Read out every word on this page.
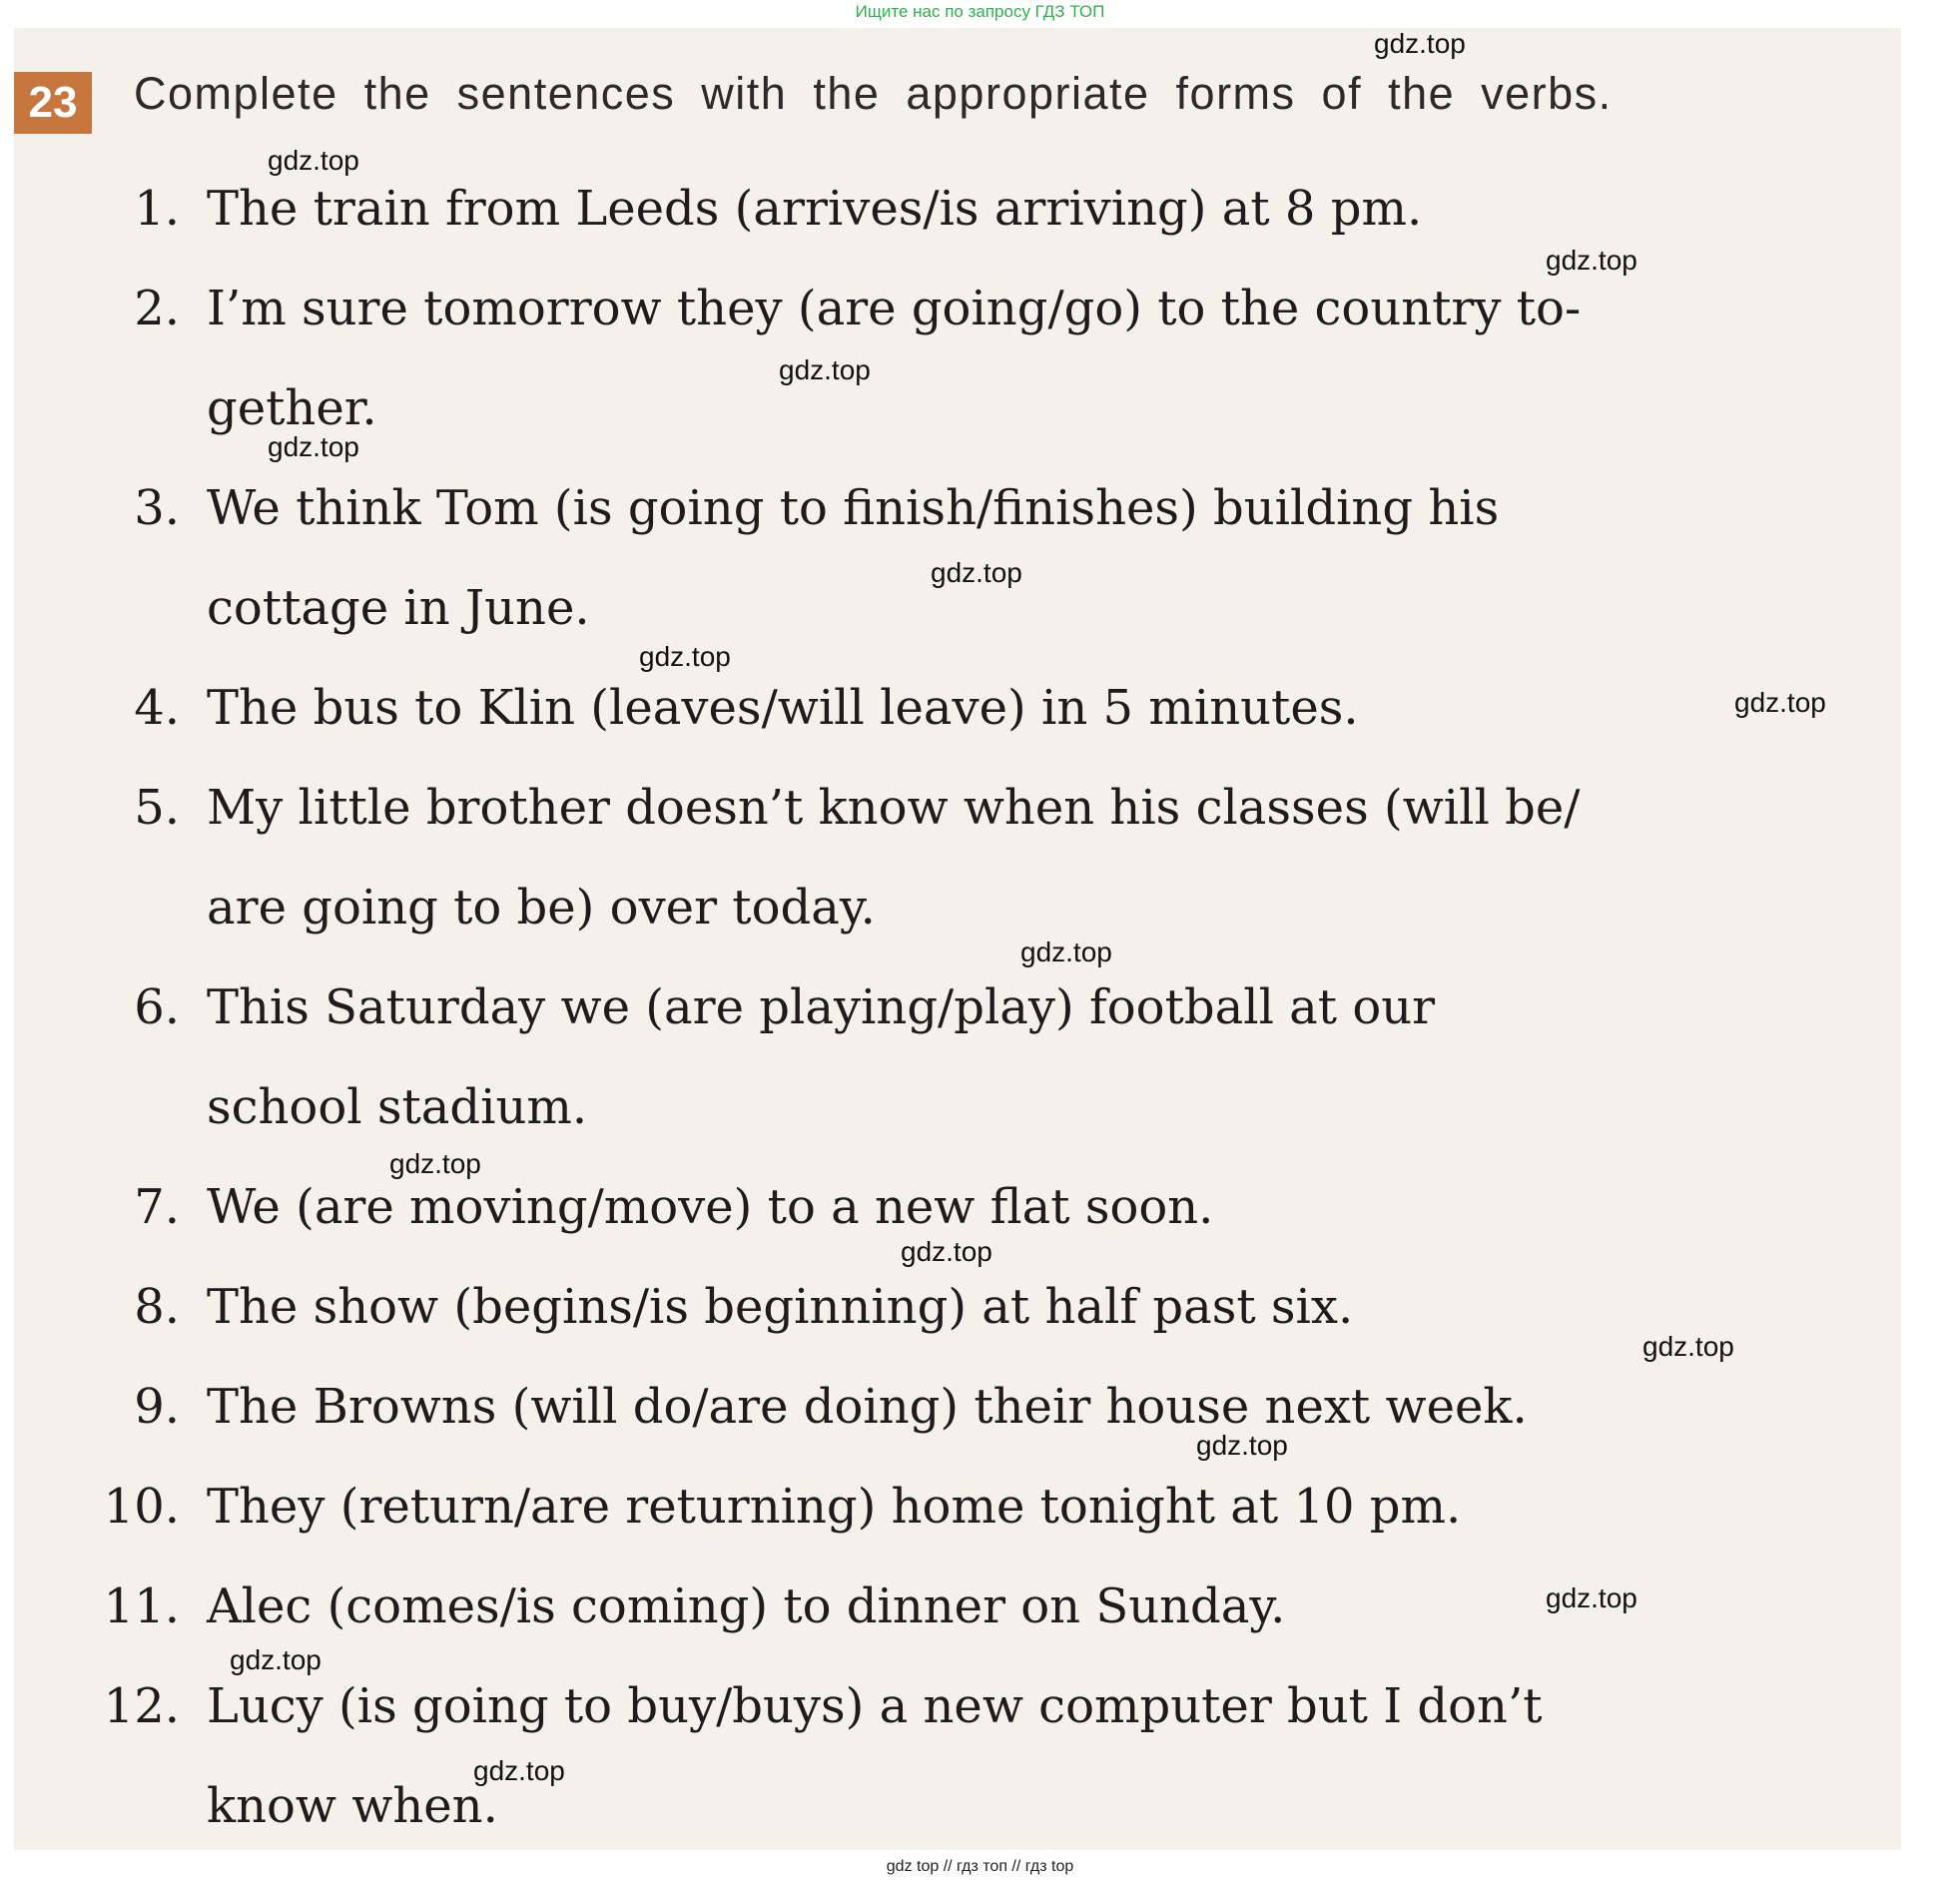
Ищите нас по запросу ГДЗ ТОП
23	Complete the sentences with the appropriate forms of the verbs.
1. The train from Leeds (arrives/is arriving) at 8 pm.
2. I’m sure tomorrow they (are going/go) to the country to-
gether.
3. We think Tom (is going to finish/finishes) building his
cottage in June.
4. The bus to Klin (leaves/will leave) in 5 minutes.
5. My little brother doesn’t know when his classes (will be/
are going to be) over today.
6. This Saturday we (are playing/play) football at our
school stadium.
7. We (are moving/move) to a new flat soon.
8. The show (begins/is beginning) at half past six.
9. The Browns (will do/are doing) their house next week.
10. They (return/are returning) home tonight at 10 pm.
11. Alec (comes/is coming) to dinner on Sunday.
12. Lucy (is going to buy/buys) a new computer but I don’t
know when.
gdz.top
gdz.top
gdz.top
gdz.top
gdz.top
gdz.top
gdz.top
gdz.top
gdz.top
gdz.top
gdz.top
gdz.top
gdz.top
gdz.top
gdz.top
gdz.top
gdz top // гдз топ // гдз top
